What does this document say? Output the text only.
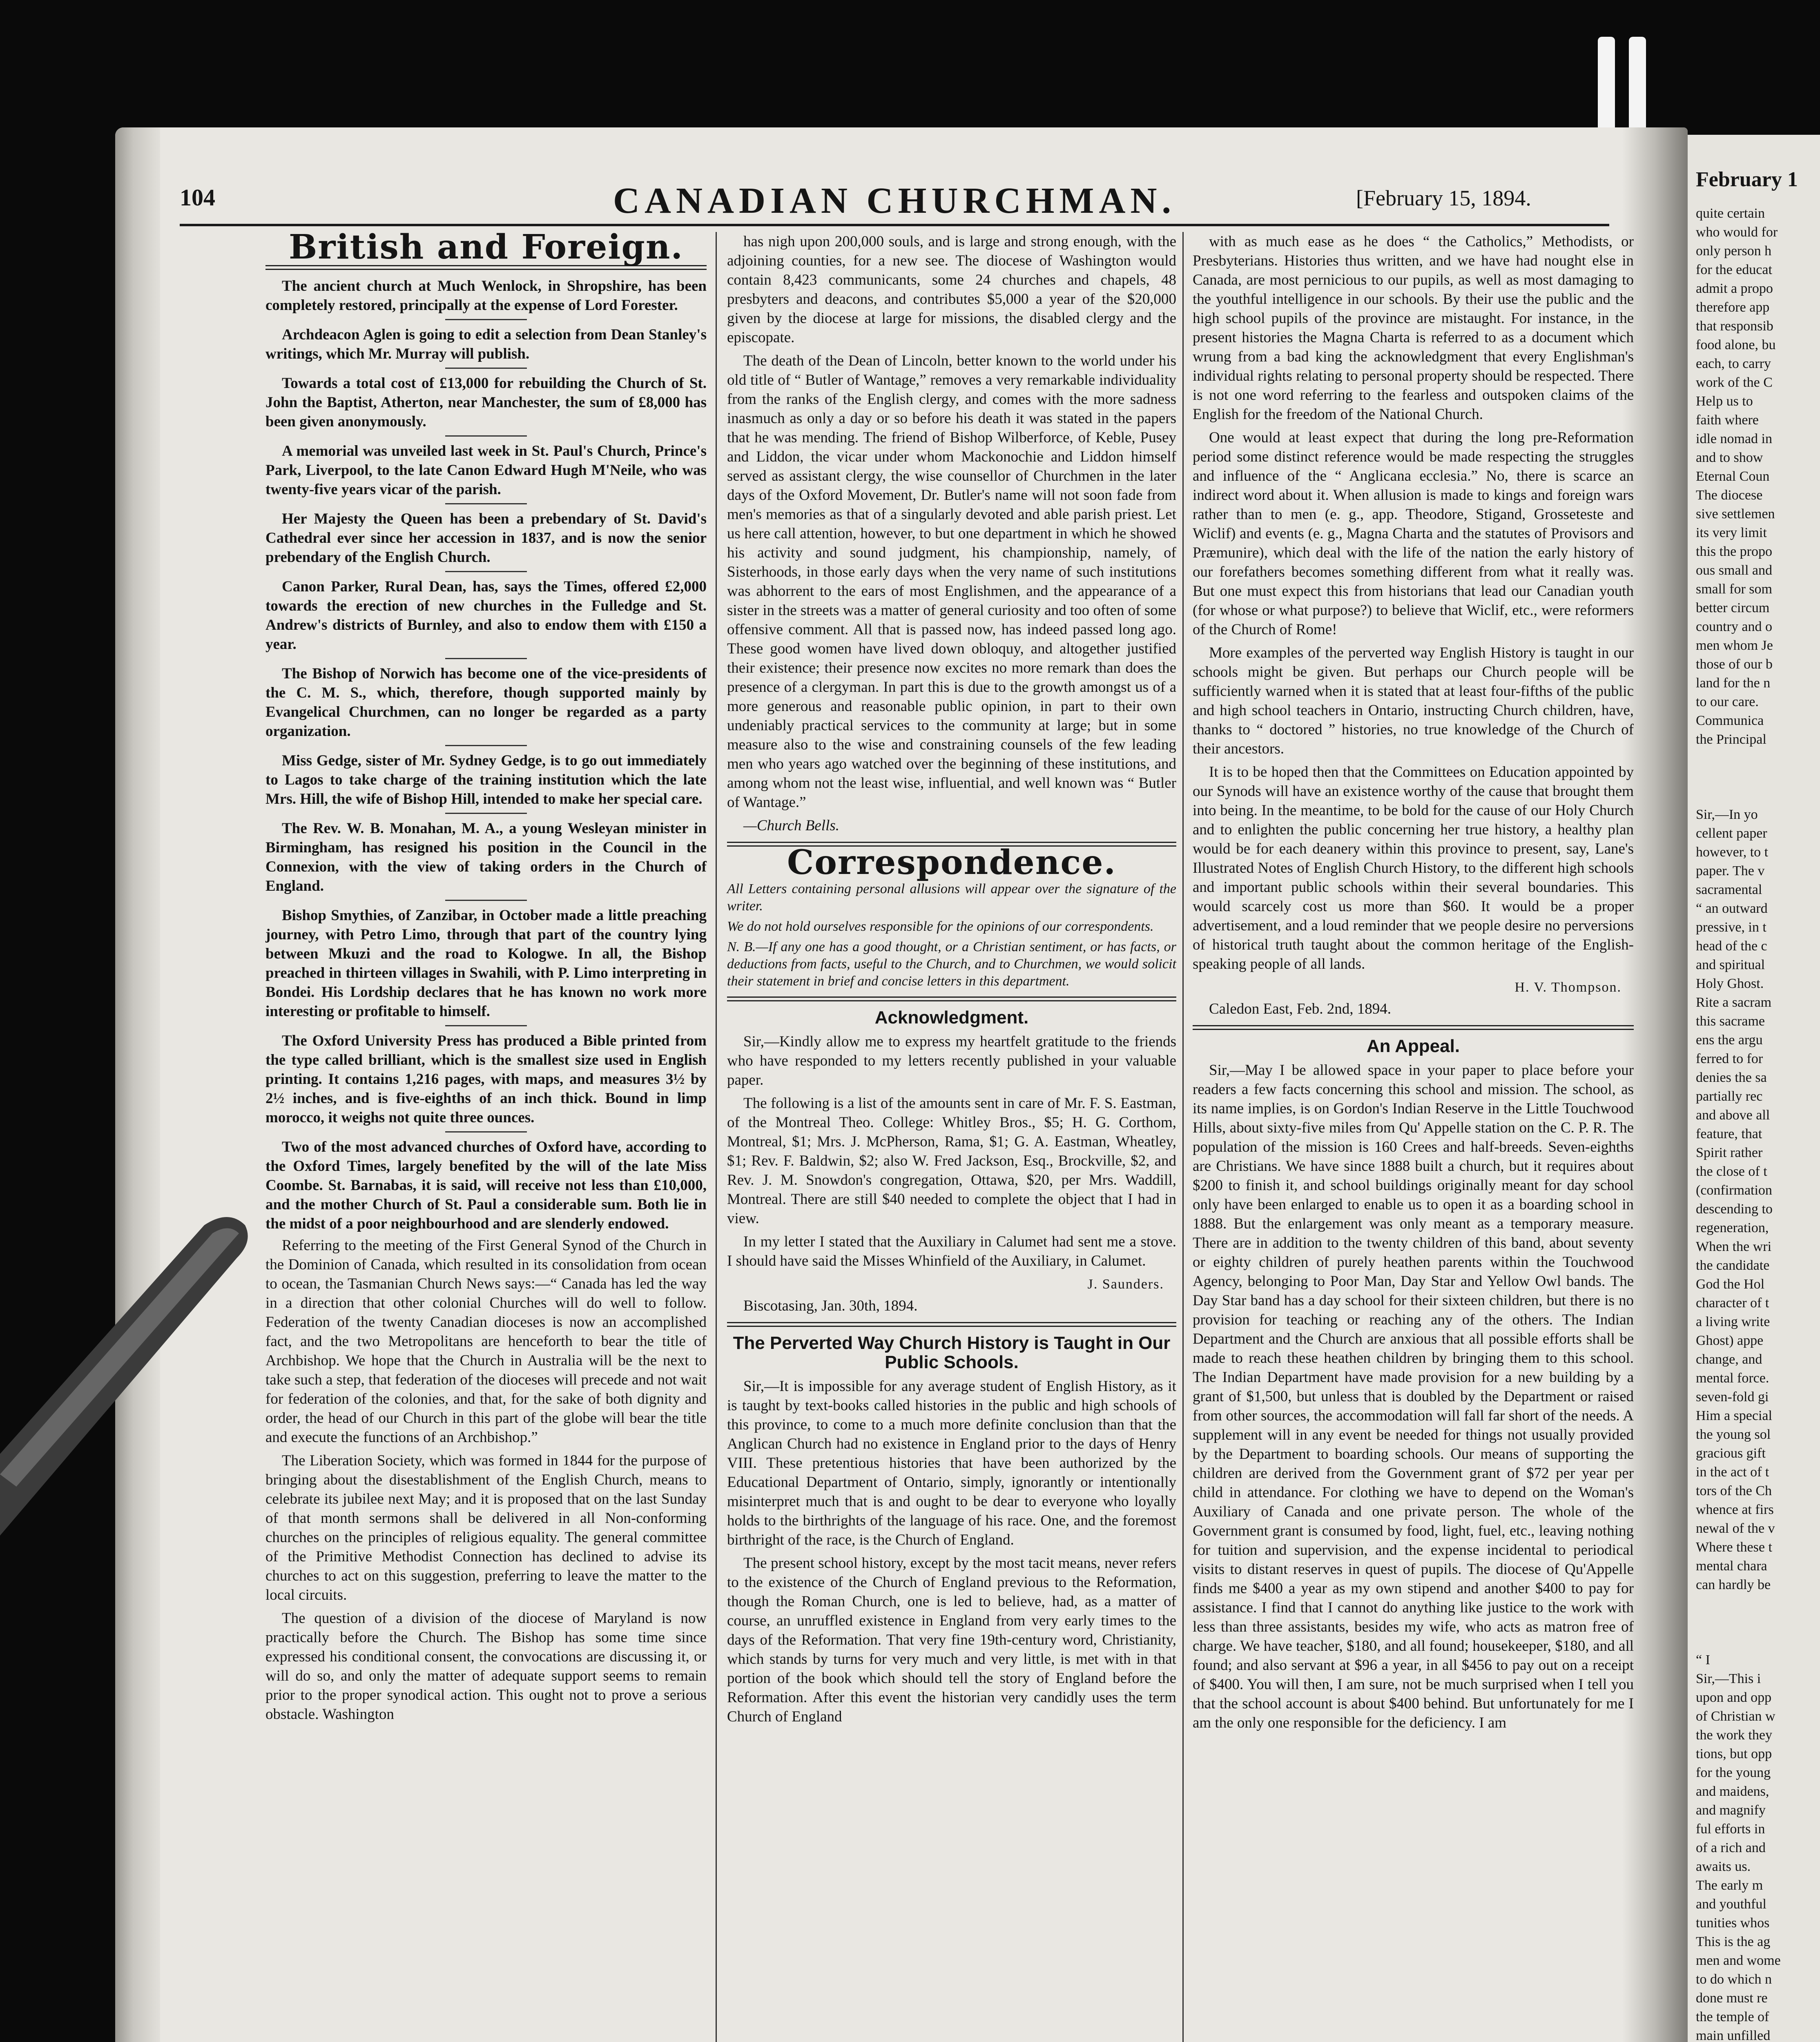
February 1
quite certain
who would for
only person h
for the educat
admit a propo
therefore app
that responsib
food alone, bu
each, to carry
work of the C
Help us to
faith where
idle nomad in
and to show
Eternal Coun
The diocese
sive settlemen
its very limit
this the propo
ous small and
small for som
better circum
country and o
men whom Je
those of our b
land for the n
to our care.
Communica
the Principal
Sir,—In yo
cellent paper
however, to t
paper. The v
sacramental
“ an outward
pressive, in t
head of the c
and spiritual
Holy Ghost.
Rite a sacram
this sacrame
ens the argu
ferred to for
denies the sa
partially rec
and above all
feature, that
Spirit rather
the close of t
(confirmation
descending to
regeneration,
When the wri
the candidate
God the Hol
character of t
a living write
Ghost) appe
change, and
mental force.
seven-fold gi
Him a special
the young sol
gracious gift
in the act of t
tors of the Ch
whence at firs
newal of the v
Where these t
mental chara
can hardly be
“ I
Sir,—This i
upon and opp
of Christian w
the work they
tions, but opp
for the young
and maidens,
and magnify
ful efforts in
of a rich and
awaits us.
The early m
and youthful
tunities whos
This is the ag
men and wome
to do which n
done must re
the temple of
main unfilled
104	CANADIAN CHURCHMAN.	[February 15, 1894.
British and Foreign.
The ancient church at Much Wenlock, in Shropshire, has been completely restored, principally at the expense of Lord Forester.
Archdeacon Aglen is going to edit a selection from Dean Stanley's writings, which Mr. Murray will publish.
Towards a total cost of £13,000 for rebuilding the Church of St. John the Baptist, Atherton, near Manchester, the sum of £8,000 has been given anonymously.
A memorial was unveiled last week in St. Paul's Church, Prince's Park, Liverpool, to the late Canon Edward Hugh M'Neile, who was twenty-five years vicar of the parish.
Her Majesty the Queen has been a prebendary of St. David's Cathedral ever since her accession in 1837, and is now the senior prebendary of the English Church.
Canon Parker, Rural Dean, has, says the Times, offered £2,000 towards the erection of new churches in the Fulledge and St. Andrew's districts of Burnley, and also to endow them with £150 a year.
The Bishop of Norwich has become one of the vice-presidents of the C. M. S., which, therefore, though supported mainly by Evangelical Churchmen, can no longer be regarded as a party organization.
Miss Gedge, sister of Mr. Sydney Gedge, is to go out immediately to Lagos to take charge of the training institution which the late Mrs. Hill, the wife of Bishop Hill, intended to make her special care.
The Rev. W. B. Monahan, M. A., a young Wesleyan minister in Birmingham, has resigned his position in the Council in the Connexion, with the view of taking orders in the Church of England.
Bishop Smythies, of Zanzibar, in October made a little preaching journey, with Petro Limo, through that part of the country lying between Mkuzi and the road to Kologwe. In all, the Bishop preached in thirteen villages in Swahili, with P. Limo interpreting in Bondei. His Lordship declares that he has known no work more interesting or profitable to himself.
The Oxford University Press has produced a Bible printed from the type called brilliant, which is the smallest size used in English printing. It contains 1,216 pages, with maps, and measures 3½ by 2½ inches, and is five-eighths of an inch thick. Bound in limp morocco, it weighs not quite three ounces.
Two of the most advanced churches of Oxford have, according to the Oxford Times, largely benefited by the will of the late Miss Coombe. St. Barnabas, it is said, will receive not less than £10,000, and the mother Church of St. Paul a considerable sum. Both lie in the midst of a poor neighbourhood and are slenderly endowed.
Referring to the meeting of the First General Synod of the Church in the Dominion of Canada, which resulted in its consolidation from ocean to ocean, the Tasmanian Church News says:—“ Canada has led the way in a direction that other colonial Churches will do well to follow. Federation of the twenty Canadian dioceses is now an accomplished fact, and the two Metropolitans are henceforth to bear the title of Archbishop. We hope that the Church in Australia will be the next to take such a step, that federation of the dioceses will precede and not wait for federation of the colonies, and that, for the sake of both dignity and order, the head of our Church in this part of the globe will bear the title and execute the functions of an Archbishop.”
The Liberation Society, which was formed in 1844 for the purpose of bringing about the disestablishment of the English Church, means to celebrate its jubilee next May; and it is proposed that on the last Sunday of that month sermons shall be delivered in all Non-conforming churches on the principles of religious equality. The general committee of the Primitive Methodist Connection has declined to advise its churches to act on this suggestion, preferring to leave the matter to the local circuits.
The question of a division of the diocese of Maryland is now practically before the Church. The Bishop has some time since expressed his conditional consent, the convocations are discussing it, or will do so, and only the matter of adequate support seems to remain prior to the proper synodical action. This ought not to prove a serious obstacle. Washington
has nigh upon 200,000 souls, and is large and strong enough, with the adjoining counties, for a new see. The diocese of Washington would contain 8,423 communicants, some 24 churches and chapels, 48 presbyters and deacons, and contributes $5,000 a year of the $20,000 given by the diocese at large for missions, the disabled clergy and the episcopate.
The death of the Dean of Lincoln, better known to the world under his old title of “ Butler of Wantage,” removes a very remarkable individuality from the ranks of the English clergy, and comes with the more sadness inasmuch as only a day or so before his death it was stated in the papers that he was mending. The friend of Bishop Wilberforce, of Keble, Pusey and Liddon, the vicar under whom Mackonochie and Liddon himself served as assistant clergy, the wise counsellor of Churchmen in the later days of the Oxford Movement, Dr. Butler's name will not soon fade from men's memories as that of a singularly devoted and able parish priest. Let us here call attention, however, to but one department in which he showed his activity and sound judgment, his championship, namely, of Sisterhoods, in those early days when the very name of such institutions was abhorrent to the ears of most Englishmen, and the appearance of a sister in the streets was a matter of general curiosity and too often of some offensive comment. All that is passed now, has indeed passed long ago. These good women have lived down obloquy, and altogether justified their existence; their presence now excites no more remark than does the presence of a clergyman. In part this is due to the growth amongst us of a more generous and reasonable public opinion, in part to their own undeniably practical services to the community at large; but in some measure also to the wise and constraining counsels of the few leading men who years ago watched over the beginning of these institutions, and among whom not the least wise, influential, and well known was “ Butler of Wantage.”
—Church Bells.
Correspondence.
All Letters containing personal allusions will appear over the signature of the writer.
We do not hold ourselves responsible for the opinions of our correspondents.
N. B.—If any one has a good thought, or a Christian sentiment, or has facts, or deductions from facts, useful to the Church, and to Churchmen, we would solicit their statement in brief and concise letters in this department.
Acknowledgment.
Sir,—Kindly allow me to express my heartfelt gratitude to the friends who have responded to my letters recently published in your valuable paper.
The following is a list of the amounts sent in care of Mr. F. S. Eastman, of the Montreal Theo. College: Whitley Bros., $5; H. G. Corthom, Montreal, $1; Mrs. J. McPherson, Rama, $1; G. A. Eastman, Wheatley, $1; Rev. F. Baldwin, $2; also W. Fred Jackson, Esq., Brockville, $2, and Rev. J. M. Snowdon's congregation, Ottawa, $20, per Mrs. Waddill, Montreal. There are still $40 needed to complete the object that I had in view.
In my letter I stated that the Auxiliary in Calumet had sent me a stove. I should have said the Misses Whinfield of the Auxiliary, in Calumet.
J. Saunders.
Biscotasing, Jan. 30th, 1894.
The Perverted Way Church History is Taught in Our Public Schools.
Sir,—It is impossible for any average student of English History, as it is taught by text-books called histories in the public and high schools of this province, to come to a much more definite conclusion than that the Anglican Church had no existence in England prior to the days of Henry VIII. These pretentious histories that have been authorized by the Educational Department of Ontario, simply, ignorantly or intentionally misinterpret much that is and ought to be dear to everyone who loyally holds to the birthrights of the language of his race. One, and the foremost birthright of the race, is the Church of England.
The present school history, except by the most tacit means, never refers to the existence of the Church of England previous to the Reformation, though the Roman Church, one is led to believe, had, as a matter of course, an unruffled existence in England from very early times to the days of the Reformation. That very fine 19th-century word, Christianity, which stands by turns for very much and very little, is met with in that portion of the book which should tell the story of England before the Reformation. After this event the historian very candidly uses the term Church of England
with as much ease as he does “ the Catholics,” Methodists, or Presbyterians. Histories thus written, and we have had nought else in Canada, are most pernicious to our pupils, as well as most damaging to the youthful intelligence in our schools. By their use the public and the high school pupils of the province are mistaught. For instance, in the present histories the Magna Charta is referred to as a document which wrung from a bad king the acknowledgment that every Englishman's individual rights relating to personal property should be respected. There is not one word referring to the fearless and outspoken claims of the English for the freedom of the National Church.
One would at least expect that during the long pre-Reformation period some distinct reference would be made respecting the struggles and influence of the “ Anglicana ecclesia.” No, there is scarce an indirect word about it. When allusion is made to kings and foreign wars rather than to men (e. g., app. Theodore, Stigand, Grosseteste and Wiclif) and events (e. g., Magna Charta and the statutes of Provisors and Præmunire), which deal with the life of the nation the early history of our forefathers becomes something different from what it really was. But one must expect this from historians that lead our Canadian youth (for whose or what purpose?) to believe that Wiclif, etc., were reformers of the Church of Rome!
More examples of the perverted way English History is taught in our schools might be given. But perhaps our Church people will be sufficiently warned when it is stated that at least four-fifths of the public and high school teachers in Ontario, instructing Church children, have, thanks to “ doctored ” histories, no true knowledge of the Church of their ancestors.
It is to be hoped then that the Committees on Education appointed by our Synods will have an existence worthy of the cause that brought them into being. In the meantime, to be bold for the cause of our Holy Church and to enlighten the public concerning her true history, a healthy plan would be for each deanery within this province to present, say, Lane's Illustrated Notes of English Church History, to the different high schools and important public schools within their several boundaries. This would scarcely cost us more than $60. It would be a proper advertisement, and a loud reminder that we people desire no perversions of historical truth taught about the common heritage of the English-speaking people of all lands.
H. V. Thompson.
Caledon East, Feb. 2nd, 1894.
An Appeal.
Sir,—May I be allowed space in your paper to place before your readers a few facts concerning this school and mission. The school, as its name implies, is on Gordon's Indian Reserve in the Little Touchwood Hills, about sixty-five miles from Qu' Appelle station on the C. P. R. The population of the mission is 160 Crees and half-breeds. Seven-eighths are Christians. We have since 1888 built a church, but it requires about $200 to finish it, and school buildings originally meant for day school only have been enlarged to enable us to open it as a boarding school in 1888. But the enlargement was only meant as a temporary measure. There are in addition to the twenty children of this band, about seventy or eighty children of purely heathen parents within the Touchwood Agency, belonging to Poor Man, Day Star and Yellow Owl bands. The Day Star band has a day school for their sixteen children, but there is no provision for teaching or reaching any of the others. The Indian Department and the Church are anxious that all possible efforts shall be made to reach these heathen children by bringing them to this school. The Indian Department have made provision for a new building by a grant of $1,500, but unless that is doubled by the Department or raised from other sources, the accommodation will fall far short of the needs. A supplement will in any event be needed for things not usually provided by the Department to boarding schools. Our means of supporting the children are derived from the Government grant of $72 per year per child in attendance. For clothing we have to depend on the Woman's Auxiliary of Canada and one private person. The whole of the Government grant is consumed by food, light, fuel, etc., leaving nothing for tuition and supervision, and the expense incidental to periodical visits to distant reserves in quest of pupils. The diocese of Qu'Appelle finds me $400 a year as my own stipend and another $400 to pay for assistance. I find that I cannot do anything like justice to the work with less than three assistants, besides my wife, who acts as matron free of charge. We have teacher, $180, and all found; housekeeper, $180, and all found; and also servant at $96 a year, in all $456 to pay out on a receipt of $400. You will then, I am sure, not be much surprised when I tell you that the school account is about $400 behind. But unfortunately for me I am the only one responsible for the deficiency. I am
